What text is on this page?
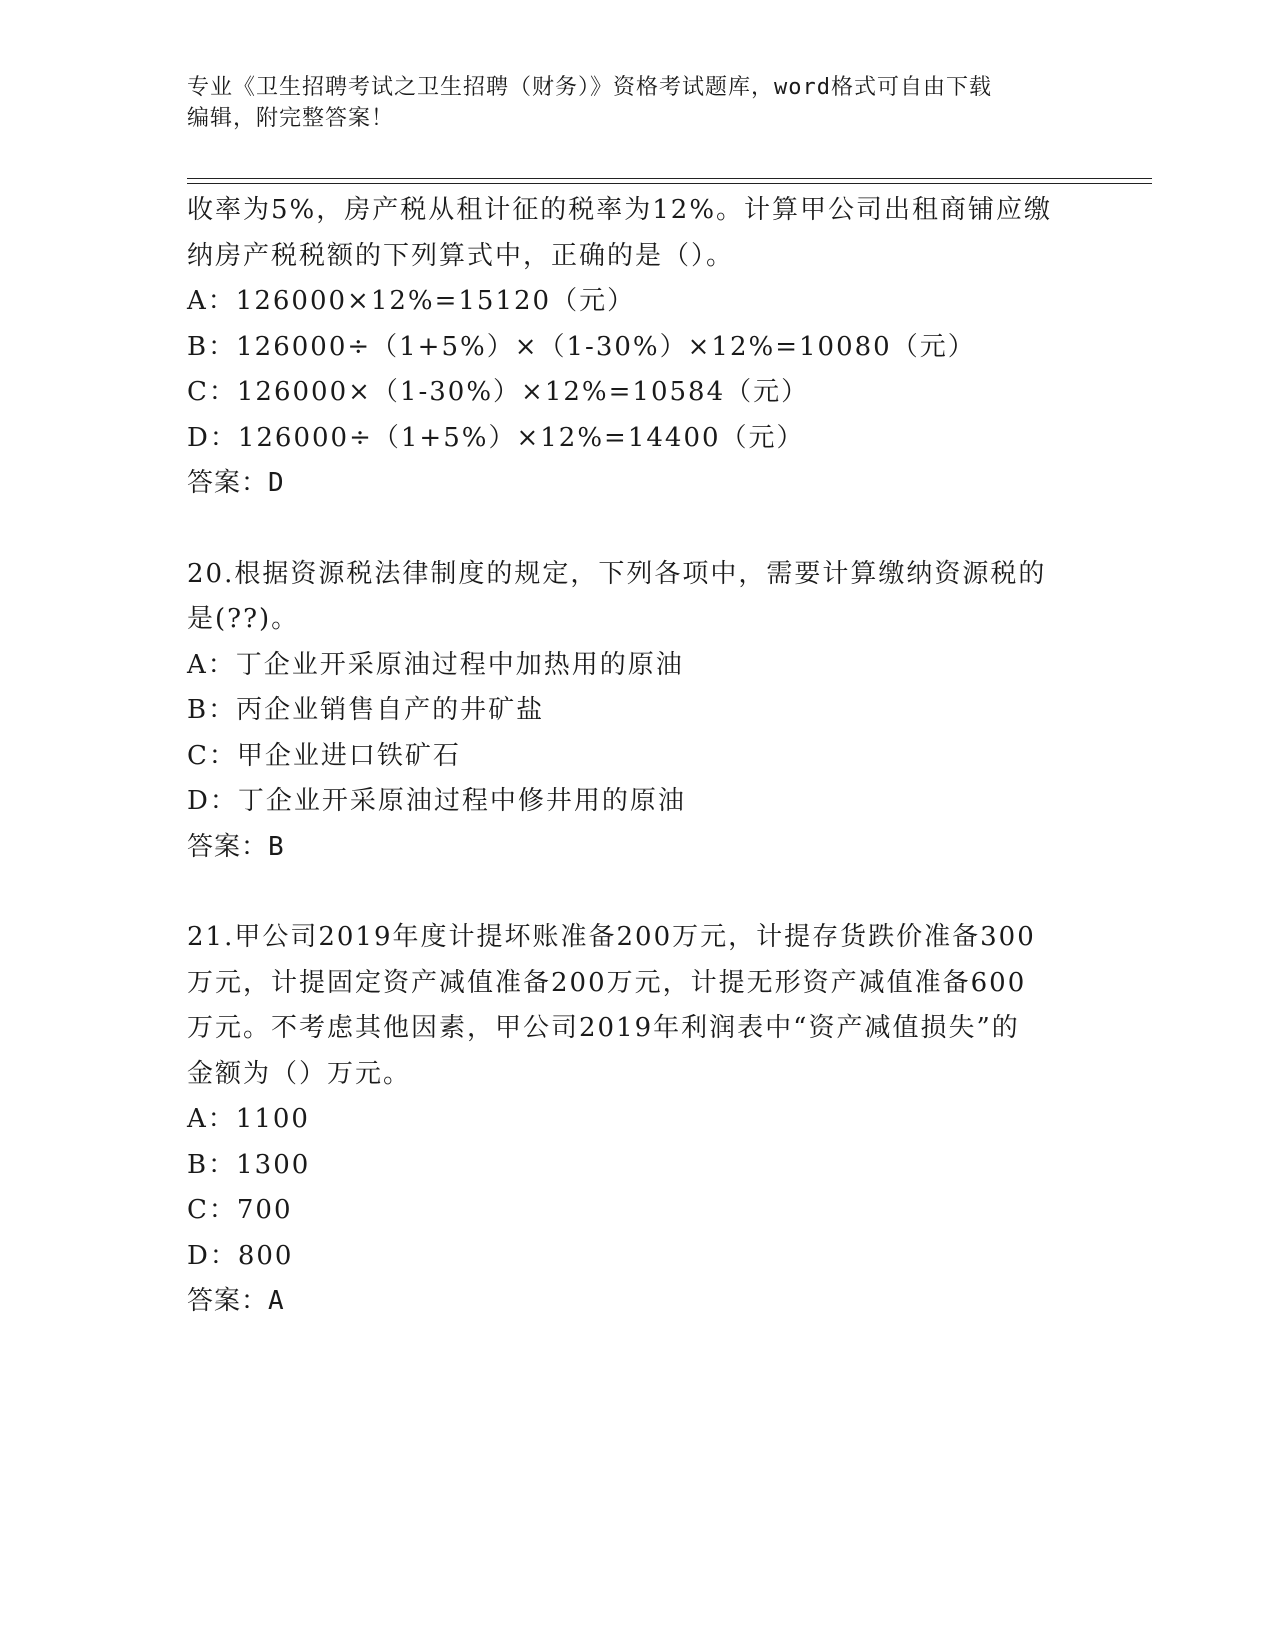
专业《卫生招聘考试之卫生招聘（财务）》资格考试题库，word格式可自由下载
编辑，附完整答案！
收率为5%，房产税从租计征的税率为12%。计算甲公司出租商铺应缴
纳房产税税额的下列算式中，正确的是（）。
A：126000×12%=15120（元）
B：126000÷（1+5%）×（1-30%）×12%=10080（元）
C：126000×（1-30%）×12%=10584（元）
D：126000÷（1+5%）×12%=14400（元）
答案：D
20.根据资源税法律制度的规定，下列各项中，需要计算缴纳资源税的
是(??)。
A：丁企业开采原油过程中加热用的原油
B：丙企业销售自产的井矿盐
C：甲企业进口铁矿石
D：丁企业开采原油过程中修井用的原油
答案：B
21.甲公司2019年度计提坏账准备200万元，计提存货跌价准备300
万元，计提固定资产减值准备200万元，计提无形资产减值准备600
万元。不考虑其他因素，甲公司2019年利润表中“资产减值损失”的
金额为（）万元。
A：1100
B：1300
C：700
D：800
答案：A
